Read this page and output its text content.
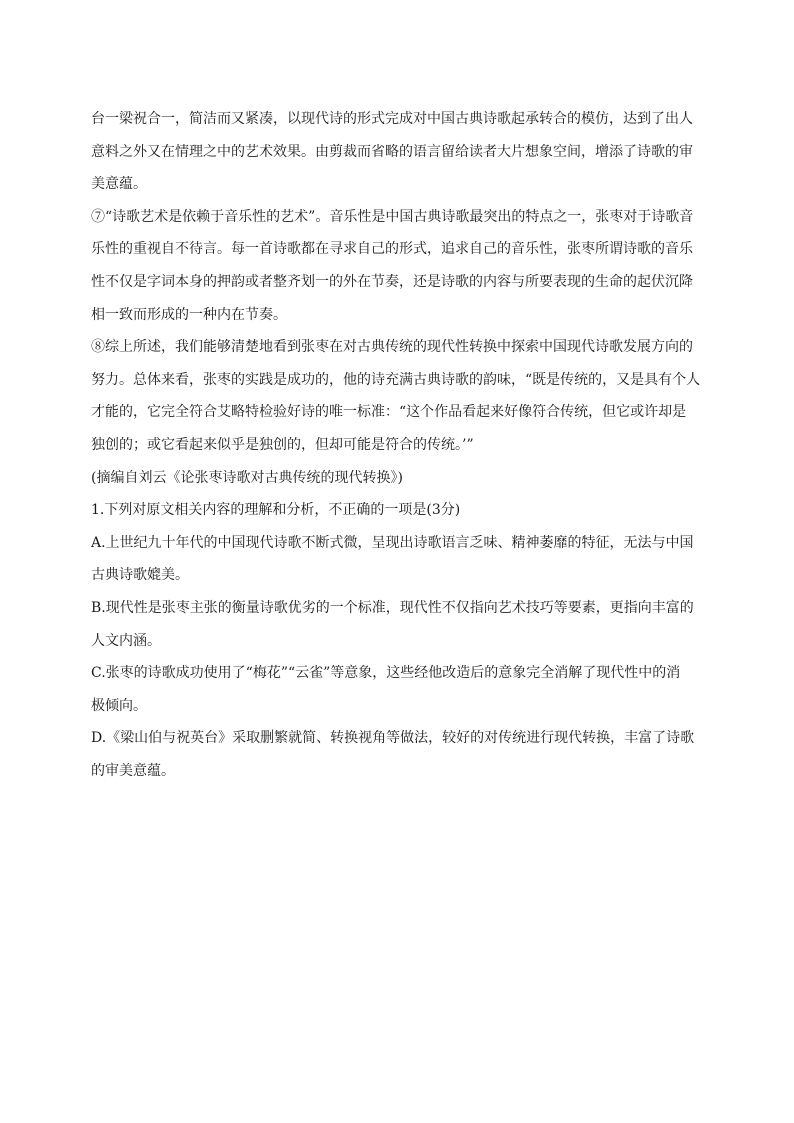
台一梁祝合一，简洁而又紧凑，以现代诗的形式完成对中国古典诗歌起承转合的模仿，达到了出人
意料之外又在情理之中的艺术效果。由剪裁而省略的语言留给读者大片想象空间，增添了诗歌的审
美意蕴。
⑦“诗歌艺术是依赖于音乐性的艺术”。音乐性是中国古典诗歌最突出的特点之一，张枣对于诗歌音
乐性的重视自不待言。每一首诗歌都在寻求自己的形式，追求自己的音乐性，张枣所谓诗歌的音乐
性不仅是字词本身的押韵或者整齐划一的外在节奏，还是诗歌的内容与所要表现的生命的起伏沉降
相一致而形成的一种内在节奏。
⑧综上所述，我们能够清楚地看到张枣在对古典传统的现代性转换中探索中国现代诗歌发展方向的
努力。总体来看，张枣的实践是成功的，他的诗充满古典诗歌的韵味，“既是传统的，又是具有个人
才能的，它完全符合艾略特检验好诗的唯一标准：“这个作品看起来好像符合传统，但它或许却是
独创的；或它看起来似乎是独创的，但却可能是符合的传统。’”
(摘编自刘云《论张枣诗歌对古典传统的现代转换》)
1.下列对原文相关内容的理解和分析，不正确的一项是(3分)
A.上世纪九十年代的中国现代诗歌不断式微，呈现出诗歌语言乏味、精神萎靡的特征，无法与中国
古典诗歌媲美。
B.现代性是张枣主张的衡量诗歌优劣的一个标准，现代性不仅指向艺术技巧等要素，更指向丰富的
人文内涵。
C.张枣的诗歌成功使用了“梅花”“云雀”等意象，这些经他改造后的意象完全消解了现代性中的消
极倾向。
D.《梁山伯与祝英台》采取删繁就简、转换视角等做法，较好的对传统进行现代转换，丰富了诗歌
的审美意蕴。
